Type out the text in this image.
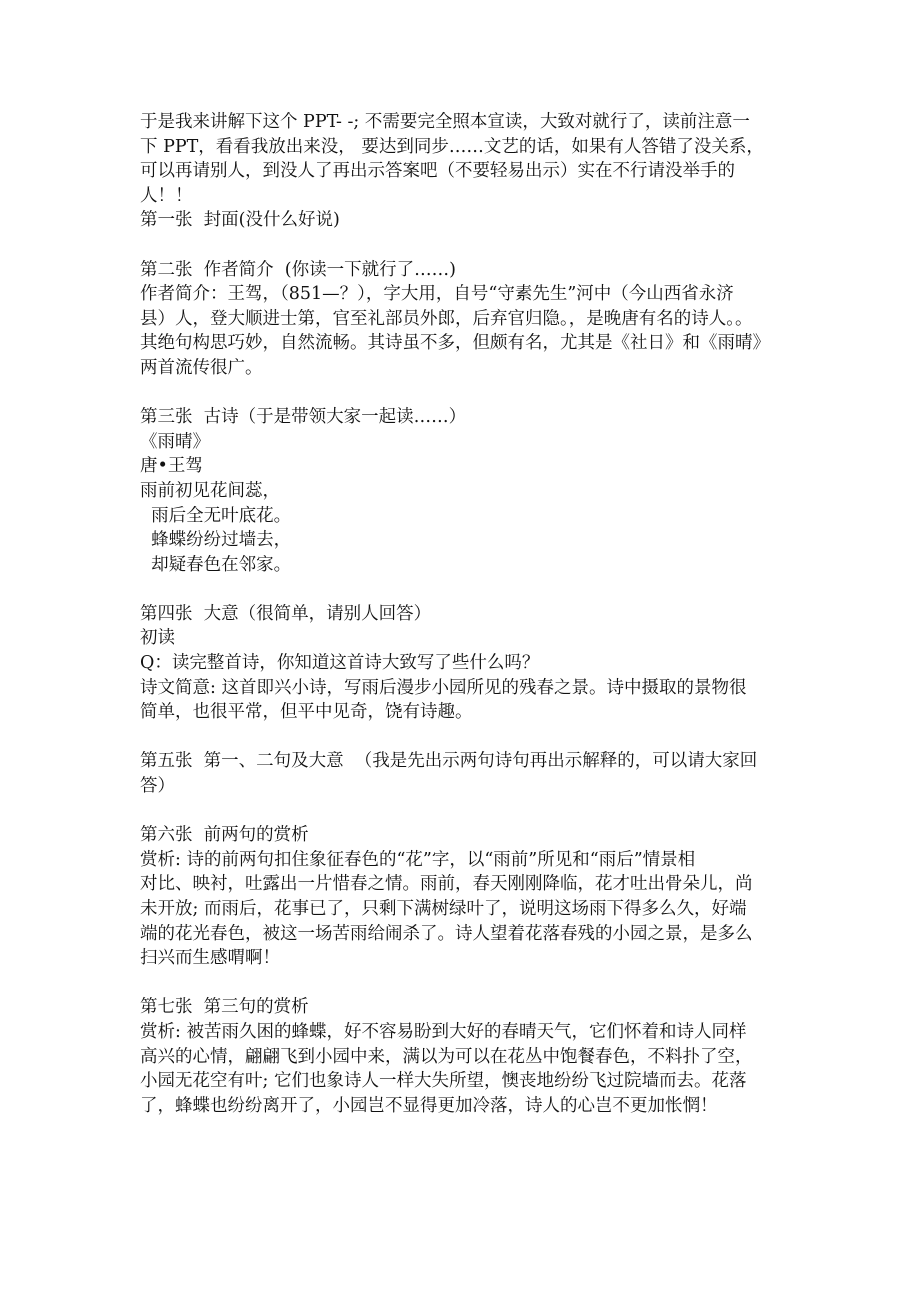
于是我来讲解下这个 PPT- -; 不需要完全照本宣读，大致对就行了，读前注意一
下 PPT，看看我放出来没， 要达到同步……文艺的话，如果有人答错了没关系，
可以再请别人，到没人了再出示答案吧（不要轻易出示）实在不行请没举手的
人！！
第一张  封面(没什么好说)
第二张  作者简介  (你读一下就行了……)
作者简介：王驾，（851—？），字大用，自号“守素先生”河中（今山西省永济
县）人，登大顺进士第，官至礼部员外郎，后弃官归隐。，是晚唐有名的诗人。。
其绝句构思巧妙，自然流畅。其诗虽不多，但颇有名，尤其是《社日》和《雨晴》
两首流传很广。
第三张  古诗（于是带领大家一起读……）
《雨晴》
唐•王驾
雨前初见花间蕊，
雨后全无叶底花。
蜂蝶纷纷过墙去，
却疑春色在邻家。
第四张  大意（很简单，请别人回答）
初读
Q：读完整首诗，你知道这首诗大致写了些什么吗？
诗文简意: 这首即兴小诗，写雨后漫步小园所见的残春之景。诗中摄取的景物很
简单，也很平常，但平中见奇，饶有诗趣。
第五张  第一、二句及大意  （我是先出示两句诗句再出示解释的，可以请大家回
答）
第六张  前两句的赏析
赏析: 诗的前两句扣住象征春色的“花”字，以“雨前”所见和“雨后”情景相
对比、映衬，吐露出一片惜春之情。雨前，春天刚刚降临，花才吐出骨朵儿，尚
未开放; 而雨后，花事已了，只剩下满树绿叶了，说明这场雨下得多么久，好端
端的花光春色，被这一场苦雨给闹杀了。诗人望着花落春残的小园之景，是多么
扫兴而生感喟啊！
第七张  第三句的赏析
赏析: 被苦雨久困的蜂蝶，好不容易盼到大好的春晴天气，它们怀着和诗人同样
高兴的心情，翩翩飞到小园中来，满以为可以在花丛中饱餐春色，不料扑了空，
小园无花空有叶; 它们也象诗人一样大失所望，懊丧地纷纷飞过院墙而去。花落
了，蜂蝶也纷纷离开了，小园岂不显得更加冷落，诗人的心岂不更加怅惘！
